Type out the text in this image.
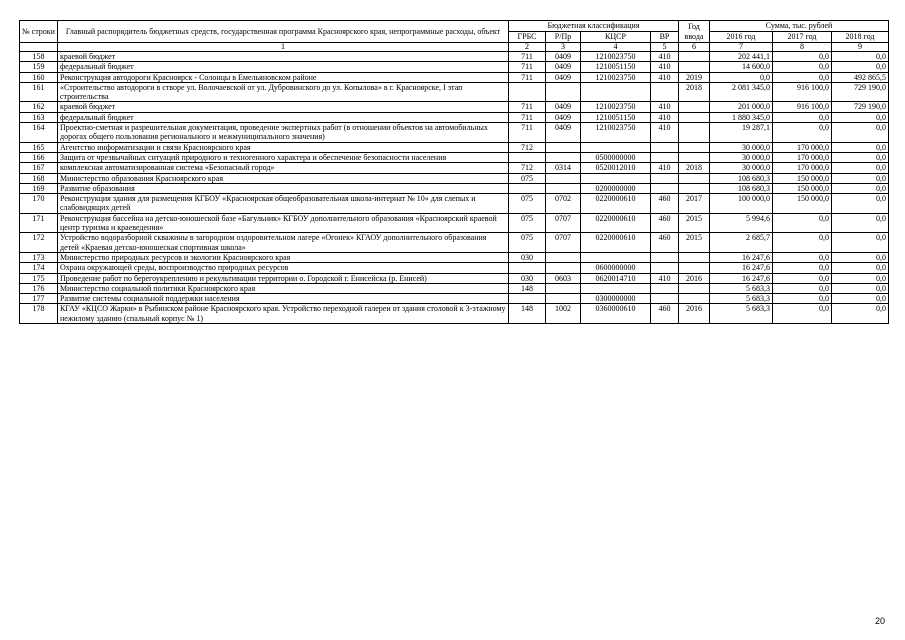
№ строки	Главный распорядитель бюджетных средств, государственная программа Красноярского края, непрограммные расходы, объект	Бюджетная классификация				Год ввода	Сумма, тыс. рублей		
		ГРБС	Р/Пр	КЦСР	ВР		2016 год	2017 год	2018 год
	1	2	3	4	5	6	7	8	9
158	краевой бюджет	711	0409	1210023750	410		202 441,1	0,0	0,0
159	федеральный бюджет	711	0409	1210051150	410		14 600,0	0,0	0,0
160	Реконструкция автодороги Красноярск - Солонцы в Емельяновском районе	711	0409	1210023750	410	2019	0,0	0,0	492 865,5
161	«Строительство автодороги в створе ул. Волочаевской от ул. Дубровинского до ул. Копылова» в г. Красноярске, I этап строительства					2018	2 081 345,0	916 100,0	729 190,0
162	краевой бюджет	711	0409	1210023750	410		201 000,0	916 100,0	729 190,0
163	федеральный бюджет	711	0409	1210051150	410		1 880 345,0	0,0	0,0
164	Проектно-сметная и разрешительная документация, проведение экспертных работ (в отношении объектов на автомобильных дорогах общего пользования регионального и межмуниципального значения)	711	0409	1210023750	410		19 287,1	0,0	0,0
165	Агентство информатизации и связи Красноярского края	712					30 000,0	170 000,0	0,0
166	Защита от чрезвычайных ситуаций природного и техногенного характера и обеспечение безопасности населения			0500000000			30 000,0	170 000,0	0,0
167	комплексная автоматизированная система «Безопасный город»	712	0314	0520012010	410	2018	30 000,0	170 000,0	0,0
168	Министерство образования Красноярского края	075					108 680,3	150 000,0	0,0
169	Развитие образования			0200000000			108 680,3	150 000,0	0,0
170	Реконструкция здания для размещения КГБОУ «Красноярская общеобразовательная школа-интернат № 10» для слепых и слабовидящих детей	075	0702	0220000610	460	2017	100 000,0	150 000,0	0,0
171	Реконструкция бассейна на детско-юношеской базе «Багульник» КГБОУ дополнительного образования «Красноярский краевой центр туризма и краеведения»	075	0707	0220000610	460	2015	5 994,6	0,0	0,0
172	Устройство водоразборной скважины в загородном оздоровительном лагере «Огонек» КГАОУ дополнительного образования детей «Краевая детско-юношеская спортивная школа»	075	0707	0220000610	460	2015	2 685,7	0,0	0,0
173	Министерство природных ресурсов и экологии Красноярского края	030					16 247,6	0,0	0,0
174	Охрана окружающей среды, воспроизводство природных ресурсов			0600000000			16 247,6	0,0	0,0
175	Проведение работ по берегоукреплению и рекультивации территории о. Городской г. Енисейска (р. Енисей)	030	0603	0620014710	410	2016	16 247,6	0,0	0,0
176	Министерство социальной политики Красноярского края	148					5 683,3	0,0	0,0
177	Развитие системы социальной поддержки населения			0300000000			5 683,3	0,0	0,0
178	КГАУ «КЦСО Жарки» в Рыбинском районе Красноярского края. Устройство переходной галереи от здания столовой к 3-этажному нежилому зданию (спальный корпус № 1)	148	1002	0360000610	460	2016	5 683,3	0,0	0,0
20
